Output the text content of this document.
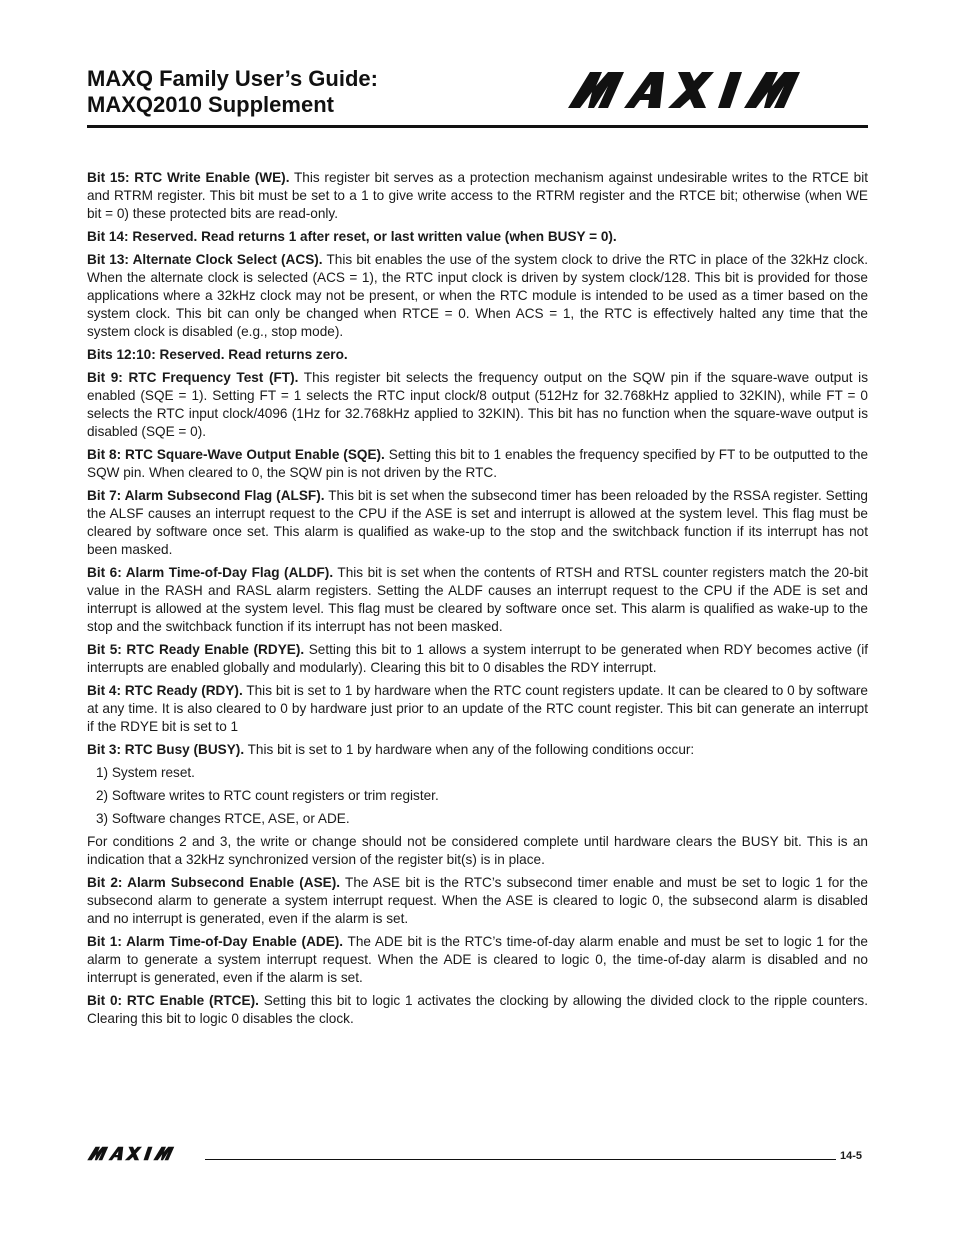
MAXQ Family User’s Guide:
MAXQ2010 Supplement

Bit 15: RTC Write Enable (WE). This register bit serves as a protection mechanism against undesirable writes to the RTCE bit and RTRM register. This bit must be set to a 1 to give write access to the RTRM register and the RTCE bit; otherwise (when WE bit = 0) these protected bits are read-only.

Bit 14: Reserved. Read returns 1 after reset, or last written value (when BUSY = 0).

Bit 13: Alternate Clock Select (ACS). This bit enables the use of the system clock to drive the RTC in place of the 32kHz clock. When the alternate clock is selected (ACS = 1), the RTC input clock is driven by system clock/128. This bit is provided for those applications where a 32kHz clock may not be present, or when the RTC module is intended to be used as a timer based on the system clock. This bit can only be changed when RTCE = 0. When ACS = 1, the RTC is effectively halted any time that the system clock is disabled (e.g., stop mode).

Bits 12:10: Reserved. Read returns zero.

Bit 9: RTC Frequency Test (FT). This register bit selects the frequency output on the SQW pin if the square-wave output is enabled (SQE = 1). Setting FT = 1 selects the RTC input clock/8 output (512Hz for 32.768kHz applied to 32KIN), while FT = 0 selects the RTC input clock/4096 (1Hz for 32.768kHz applied to 32KIN). This bit has no function when the square-wave output is disabled (SQE = 0).

Bit 8: RTC Square-Wave Output Enable (SQE). Setting this bit to 1 enables the frequency specified by FT to be outputted to the SQW pin. When cleared to 0, the SQW pin is not driven by the RTC.

Bit 7: Alarm Subsecond Flag (ALSF). This bit is set when the subsecond timer has been reloaded by the RSSA register. Setting the ALSF causes an interrupt request to the CPU if the ASE is set and interrupt is allowed at the system level. This flag must be cleared by software once set. This alarm is qualified as wake-up to the stop and the switchback function if its interrupt has not been masked.

Bit 6: Alarm Time-of-Day Flag (ALDF). This bit is set when the contents of RTSH and RTSL counter registers match the 20-bit value in the RASH and RASL alarm registers. Setting the ALDF causes an interrupt request to the CPU if the ADE is set and interrupt is allowed at the system level. This flag must be cleared by software once set. This alarm is qualified as wake-up to the stop and the switchback function if its interrupt has not been masked.

Bit 5: RTC Ready Enable (RDYE). Setting this bit to 1 allows a system interrupt to be generated when RDY becomes active (if interrupts are enabled globally and modularly). Clearing this bit to 0 disables the RDY interrupt.

Bit 4: RTC Ready (RDY). This bit is set to 1 by hardware when the RTC count registers update. It can be cleared to 0 by software at any time. It is also cleared to 0 by hardware just prior to an update of the RTC count register. This bit can generate an interrupt if the RDYE bit is set to 1

Bit 3: RTC Busy (BUSY). This bit is set to 1 by hardware when any of the following conditions occur:

1) System reset.
2) Software writes to RTC count registers or trim register.
3) Software changes RTCE, ASE, or ADE.

For conditions 2 and 3, the write or change should not be considered complete until hardware clears the BUSY bit. This is an indication that a 32kHz synchronized version of the register bit(s) is in place.

Bit 2: Alarm Subsecond Enable (ASE). The ASE bit is the RTC’s subsecond timer enable and must be set to logic 1 for the subsecond alarm to generate a system interrupt request. When the ASE is cleared to logic 0, the subsecond alarm is disabled and no interrupt is generated, even if the alarm is set.

Bit 1: Alarm Time-of-Day Enable (ADE). The ADE bit is the RTC’s time-of-day alarm enable and must be set to logic 1 for the alarm to generate a system interrupt request. When the ADE is cleared to logic 0, the time-of-day alarm is disabled and no interrupt is generated, even if the alarm is set.

Bit 0: RTC Enable (RTCE). Setting this bit to logic 1 activates the clocking by allowing the divided clock to the ripple counters. Clearing this bit to logic 0 disables the clock.

14-5
